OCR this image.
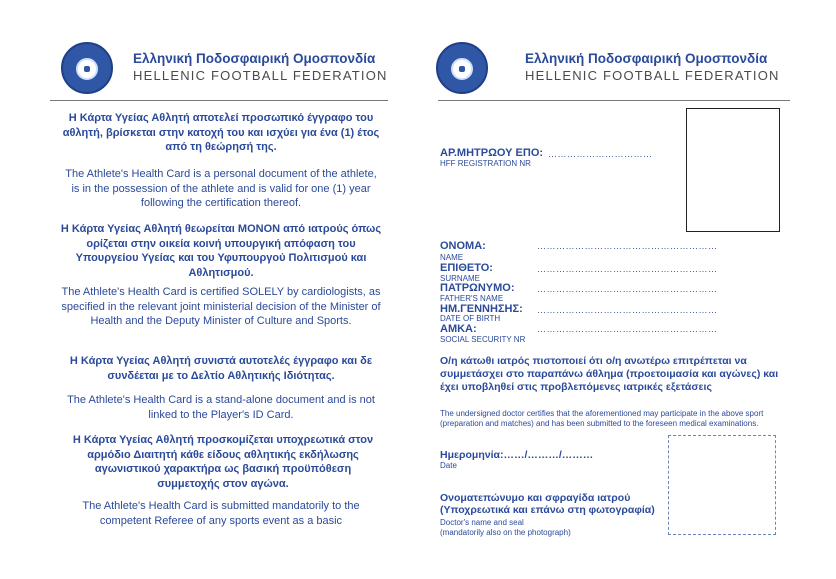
Ελληνική Ποδοσφαιρική Ομοσπονδία
HELLENIC FOOTBALL FEDERATION
Η Κάρτα Υγείας Αθλητή αποτελεί προσωπικό έγγραφο του αθλητή, βρίσκεται στην κατοχή του και ισχύει για ένα (1) έτος από τη θεώρησή της.
The Athlete's Health Card is a personal document of the athlete, is in the possession of the athlete and is valid for one (1) year following the certification thereof.
Η Κάρτα Υγείας Αθλητή θεωρείται ΜΟΝΟΝ από ιατρούς όπως ορίζεται στην οικεία κοινή υπουργική απόφαση του Υπουργείου Υγείας και του Υφυπουργού Πολιτισμού και Αθλητισμού.
The Athlete's Health Card is certified SOLELY by cardiologists, as specified in the relevant joint ministerial decision of the Minister of Health and the Deputy Minister of Culture and Sports.
Η Κάρτα Υγείας Αθλητή συνιστά αυτοτελές έγγραφο και δε συνδέεται με το Δελτίο Αθλητικής Ιδιότητας.
The Athlete's Health Card is a stand-alone document and is not linked to the Player's ID Card.
Η Κάρτα Υγείας Αθλητή προσκομίζεται υποχρεωτικά στον αρμόδιο Διαιτητή κάθε είδους αθλητικής εκδήλωσης αγωνιστικού χαρακτήρα ως βασική προϋπόθεση συμμετοχής στον αγώνα.
The Athlete's Health Card is submitted mandatorily to the competent Referee of any sports event as a basic
Ελληνική Ποδοσφαιρική Ομοσπονδία
HELLENIC FOOTBALL FEDERATION
ΑΡ.ΜΗΤΡΩΟΥ ΕΠΟ: ……………………………
HFF REGISTRATION NR
ΟΝΟΜΑ:	…………………………………………………
NAME
ΕΠΙΘΕΤΟ:	…………………………………………………
SURNAME
ΠΑΤΡΩΝΥΜΟ: …………………………………………………
FATHER'S NAME
ΗΜ.ΓΕΝΝΗΣΗΣ: …………………………………………………
DATE OF BIRTH
ΑΜΚΑ:	…………………………………………………
SOCIAL SECURITY NR
Ο/η κάτωθι ιατρός πιστοποιεί ότι ο/η ανωτέρω επιτρέπεται να συμμετάσχει στο παραπάνω άθλημα (προετοιμασία και αγώνες) και έχει υποβληθεί στις προβλεπόμενες ιατρικές εξετάσεις
The undersigned doctor certifies that the aforementioned may participate in the above sport (preparation and matches) and has been submitted to the foreseen medical examinations.
Ημερομηνία:……/………/………
Date
Ονοματεπώνυμο και σφραγίδα ιατρού
(Υποχρεωτικά και επάνω στη φωτογραφία)
Doctor's name and seal
(mandatorily also on the photograph)
